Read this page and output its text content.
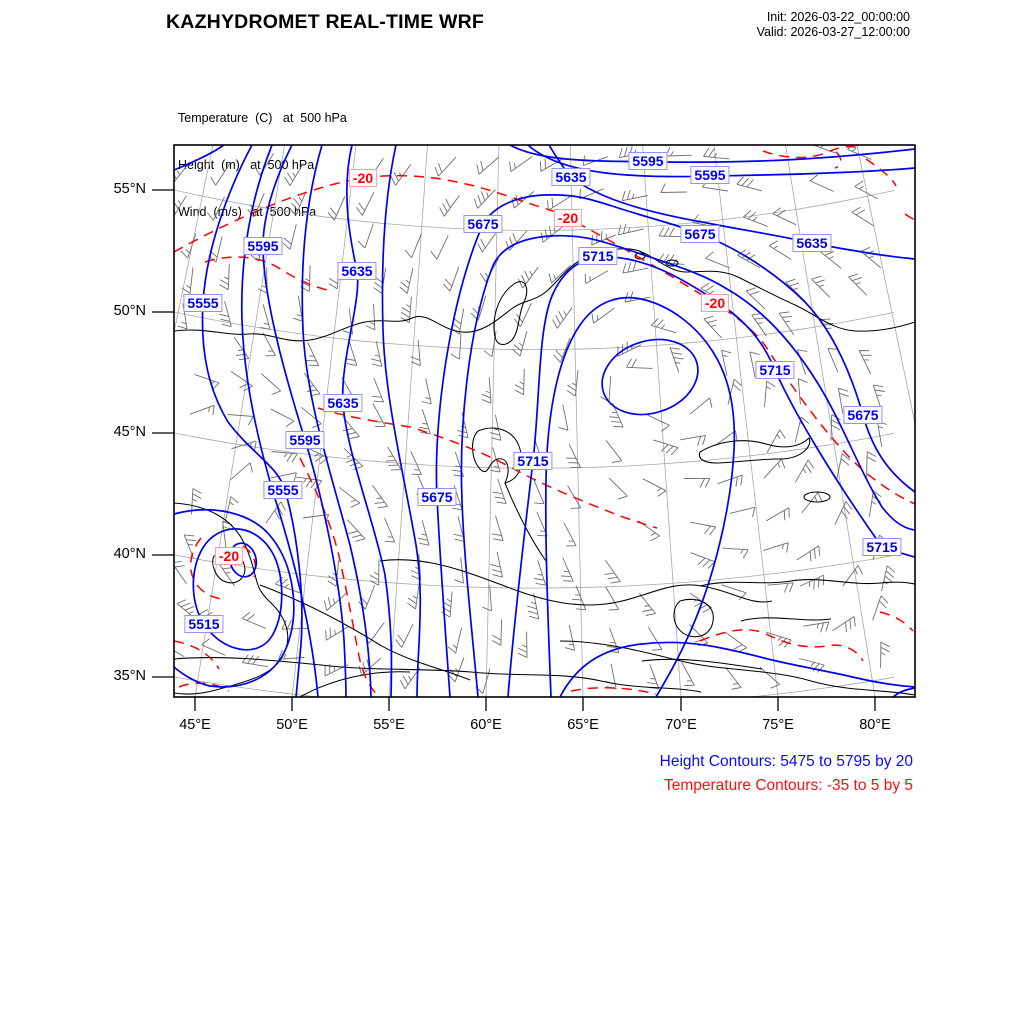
KAZHYDROMET REAL-TIME WRF	Init: 2026-03-22_00:00:00
Valid: 2026-03-27_12:00:00

Temperature  (C)   at  500 hPa

Height  (m)   at  500 hPa

Wind  (m/s)   at  500 hPa

Height Contours: 5475 to 5795 by 20
Temperature Contours: -35 to 5 by 5
55°N
50°N
45°N
40°N
35°N
45°E	50°E	55°E	60°E	65°E	70°E	75°E	80°E
5595
5555
5635
5675
5635
5595
5595
5675
5635
5715
5715
5675
5715
5635
5595
5555	5675
5715
5515
-20
-20
-20
-20
